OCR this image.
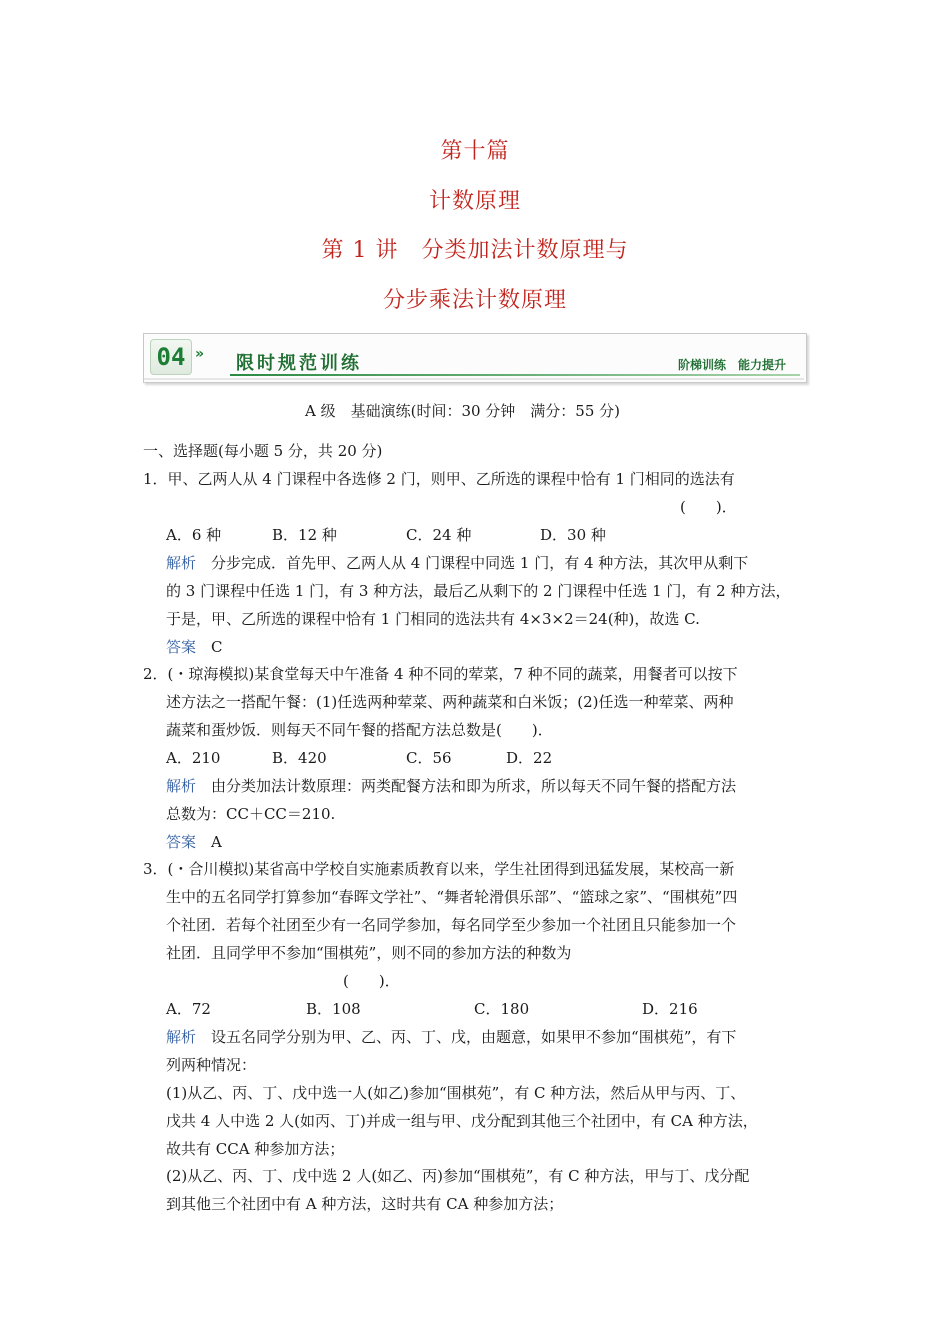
第十篇
计数原理
第 1 讲　分类加法计数原理与
分步乘法计数原理
04 » 限时规范训练	阶梯训练　能力提升
A 级　基础演练(时间：30 分钟　满分：55 分)
一、选择题(每小题 5 分，共 20 分)
1．甲、乙两人从 4 门课程中各选修 2 门，则甲、乙所选的课程中恰有 1 门相同的选法有
(　　)．
A．6 种	B．12 种	C．24 种	D．30 种
解析　 分步完成．首先甲、乙两人从 4 门课程中同选 1 门，有 4 种方法，其次甲从剩下
的 3 门课程中任选 1 门，有 3 种方法，最后乙从剩下的 2 门课程中任选 1 门，有 2 种方法，
于是，甲、乙所选的课程中恰有 1 门相同的选法共有 4×3×2＝24(种)，故选 C.
答案　 C
2．(・琼海模拟)某食堂每天中午准备 4 种不同的荤菜，7 种不同的蔬菜，用餐者可以按下
述方法之一搭配午餐：(1)任选两种荤菜、两种蔬菜和白米饭；(2)任选一种荤菜、两种
蔬菜和蛋炒饭．则每天不同午餐的搭配方法总数是(　　)．
A．210	B．420	C．56	D．22
解析　 由分类加法计数原理：两类配餐方法和即为所求，所以每天不同午餐的搭配方法
总数为：CC＋CC＝210.
答案　 A
3．(・合川模拟)某省高中学校自实施素质教育以来，学生社团得到迅猛发展，某校高一新
生中的五名同学打算参加“春晖文学社”、“舞者轮滑俱乐部”、“篮球之家”、“围棋苑”四
个社团．若每个社团至少有一名同学参加，每名同学至少参加一个社团且只能参加一个
社团．且同学甲不参加“围棋苑”，则不同的参加方法的种数为
(　　)．
A．72	B．108	C．180	D．216
解析　 设五名同学分别为甲、乙、丙、丁、戊，由题意，如果甲不参加“围棋苑”，有下
列两种情况：
(1)从乙、丙、丁、戊中选一人(如乙)参加“围棋苑”，有 C 种方法，然后从甲与丙、丁、
戊共 4 人中选 2 人(如丙、丁)并成一组与甲、戊分配到其他三个社团中，有 CA 种方法，
故共有 CCA 种参加方法；
(2)从乙、丙、丁、戊中选 2 人(如乙、丙)参加“围棋苑”，有 C 种方法，甲与丁、戊分配
到其他三个社团中有 A 种方法，这时共有 CA 种参加方法；
